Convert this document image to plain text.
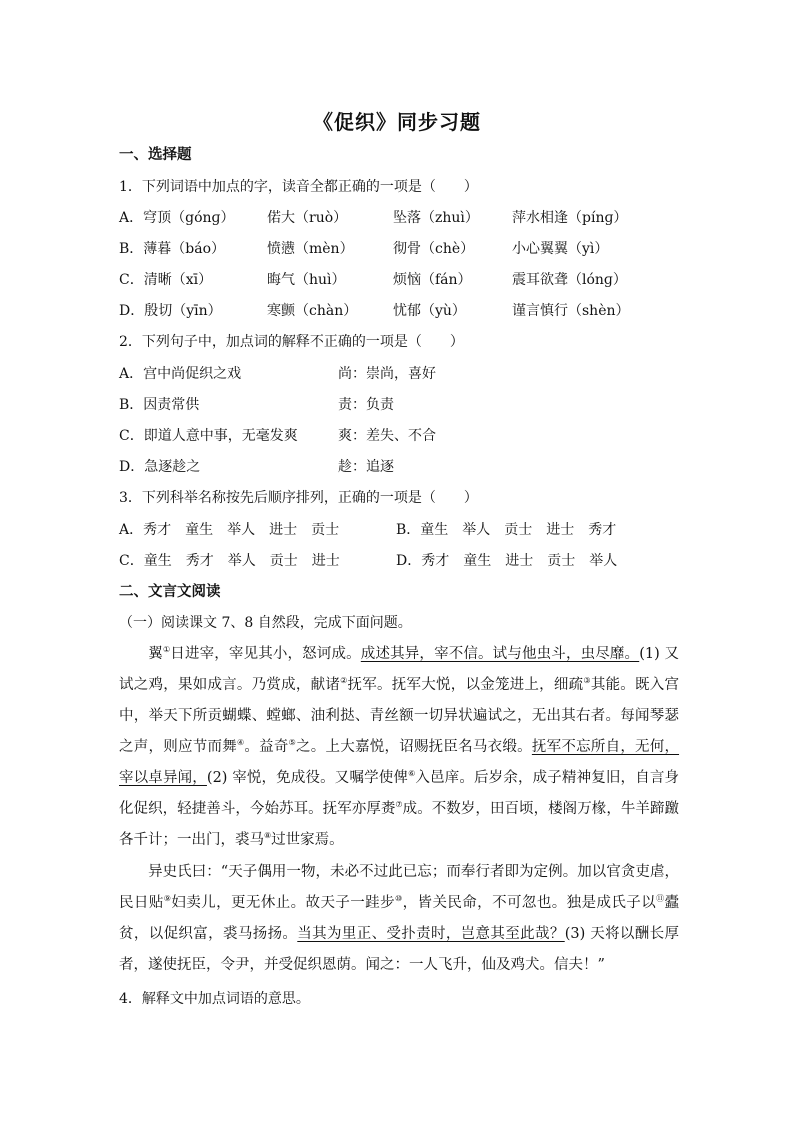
《促织》同步习题
一、选择题
1．下列词语中加点的字，读音全都正确的一项是（　　）
A．穹顶（gónɡ） 偌大（ruò）	坠落（zhuì） 萍水相逢（pínɡ）
B．薄暮（báo）	愤懑（mèn）	彻骨（chè）	小心翼翼（yì）
C．清晰（xī）	晦气（huì）	烦恼（fán）	震耳欲聋（lónɡ）
D．殷切（yīn）	寒颤（chàn）	忧郁（yù）	谨言慎行（shèn）
2．下列句子中，加点词的解释不正确的一项是（　　）
A．宫中尚促织之戏	尚：崇尚，喜好
B．因责常供	责：负责
C．即道人意中事，无毫发爽	爽：差失、不合
D．急逐趁之	趁：追逐
3．下列科举名称按先后顺序排列，正确的一项是（　　）
A．秀才　童生　举人　进士　贡士	B．童生　举人　贡士　进士　秀才
C．童生　秀才　举人　贡士　进士	D．秀才　童生　进士　贡士　举人
二、文言文阅读
（一）阅读课文 7、8 自然段，完成下面问题。
　　翼①日进宰，宰见其小，怒诃成。成述其异，宰不信。试与他虫斗，虫尽靡。(1) 又试之鸡，果如成言。乃赏成，献诸②抚军。抚军大悦，以金笼进上，细疏③其能。既入宫中，举天下所贡蝴蝶、螳螂、油利挞、青丝额一切异状遍试之，无出其右者。每闻琴瑟之声，则应节而舞④。益奇⑤之。上大嘉悦，诏赐抚臣名马衣缎。抚军不忘所自，无何，宰以卓异闻，(2) 宰悦，免成役。又嘱学使俾⑥入邑庠。后岁余，成子精神复旧，自言身化促织，轻捷善斗，今始苏耳。抚军亦厚赉⑦成。不数岁，田百顷，楼阁万椽，牛羊蹄躈各千计；一出门，裘马⑧过世家焉。
　　异史氏曰：“天子偶用一物，未必不过此已忘；而奉行者即为定例。加以官贪吏虐，民日贴⑨妇卖儿，更无休止。故天子一跬步⑩，皆关民命，不可忽也。独是成氏子以⑪蠹贫，以促织富，裘马扬扬。当其为里正、受扑责时，岂意其至此哉？(3) 天将以酬长厚者，遂使抚臣，令尹，并受促织恩荫。闻之：一人飞升，仙及鸡犬。信夫！”
4．解释文中加点词语的意思。
